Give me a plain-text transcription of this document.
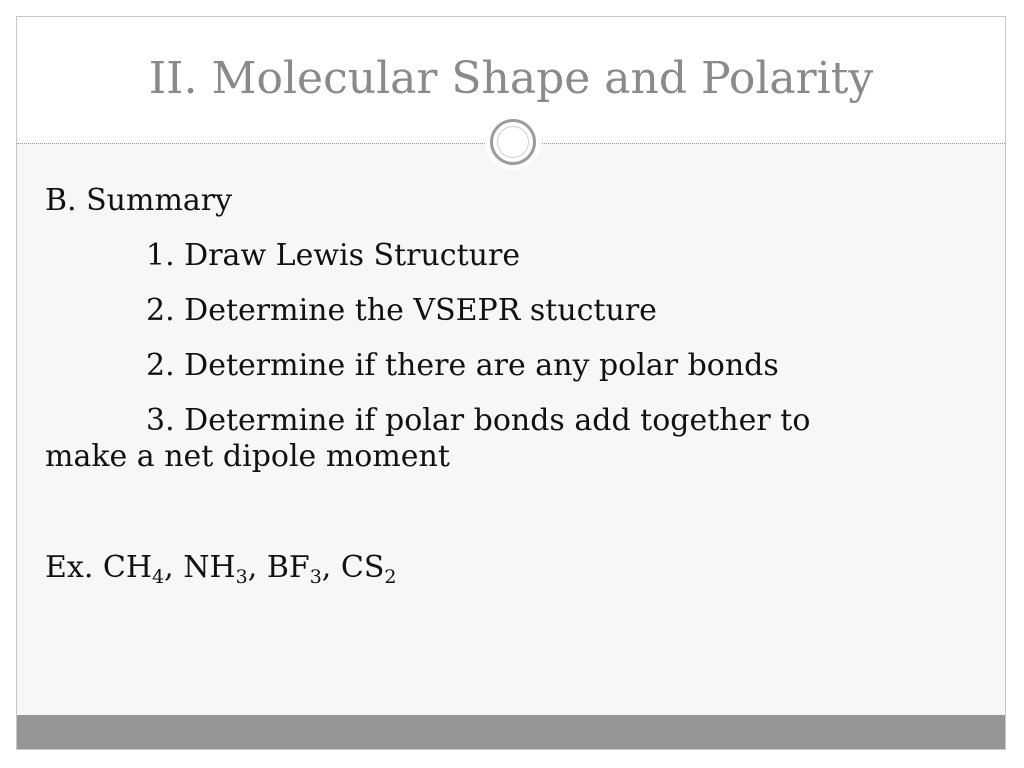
II. Molecular Shape and Polarity

B. Summary

1. Draw Lewis Structure

2. Determine the VSEPR stucture

2. Determine if there are any polar bonds

3. Determine if polar bonds add together to

make a net dipole moment

Ex. $CH_4$, $NH_3$, $BF_3$, $CS_2$
